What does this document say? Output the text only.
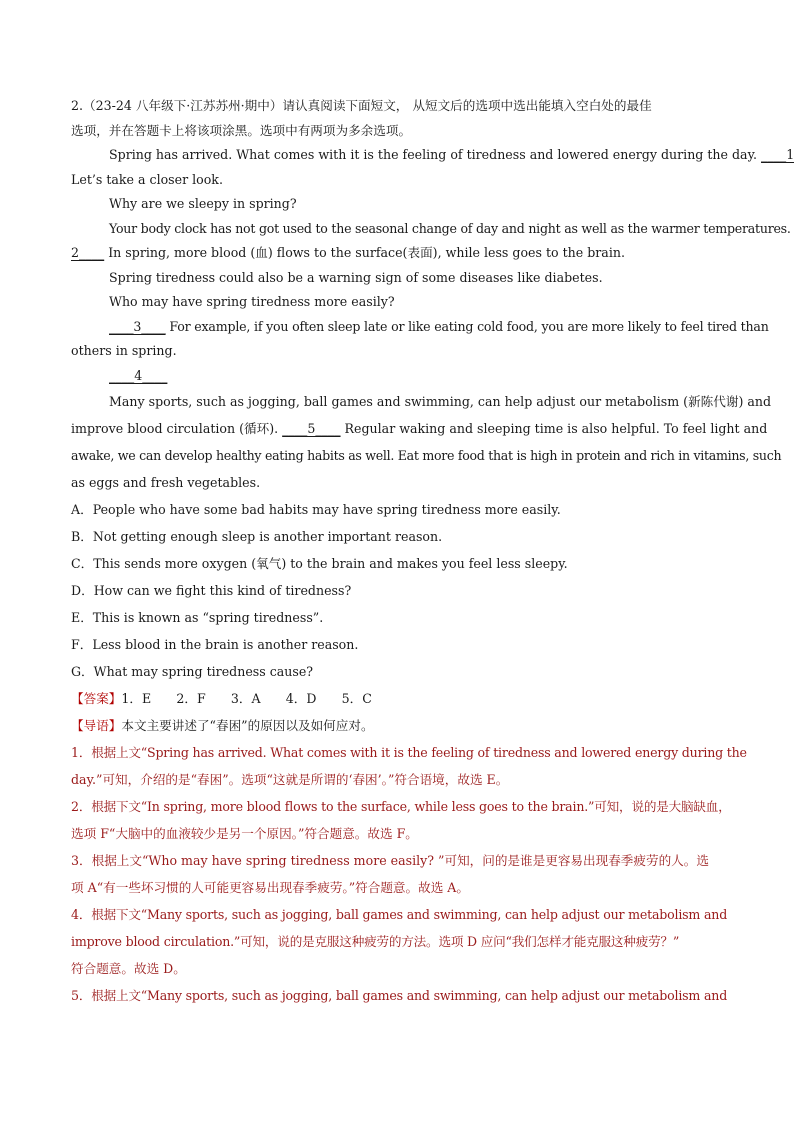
2.（23-24 八年级下·江苏苏州·期中）请认真阅读下面短文， 从短文后的选项中选出能填入空白处的最佳
选项，并在答题卡上将该项涂黑。选项中有两项为多余选项。
Spring has arrived. What comes with it is the feeling of tiredness and lowered energy during the day. ____1
Let’s take a closer look.
Why are we sleepy in spring?
Your body clock has not got used to the seasonal change of day and night as well as the warmer temperatures.
2____ In spring, more blood (血) flows to the surface(表面), while less goes to the brain.
Spring tiredness could also be a warning sign of some diseases like diabetes.
Who may have spring tiredness more easily?
____3____ For example, if you often sleep late or like eating cold food, you are more likely to feel tired than
others in spring.
____4____
Many sports, such as jogging, ball games and swimming, can help adjust our metabolism (新陈代谢) and
improve blood circulation (循环). ____5____ Regular waking and sleeping time is also helpful. To feel light and
awake, we can develop healthy eating habits as well. Eat more food that is high in protein and rich in vitamins, such
as eggs and fresh vegetables.
A．People who have some bad habits may have spring tiredness more easily.
B．Not getting enough sleep is another important reason.
C．This sends more oxygen (氧气) to the brain and makes you feel less sleepy.
D．How can we fight this kind of tiredness?
E．This is known as “spring tiredness”.
F．Less blood in the brain is another reason.
G．What may spring tiredness cause?
【答案】1．E　　2．F　　3．A　　4．D　　5．C
【导语】本文主要讲述了“春困”的原因以及如何应对。
1．根据上文“Spring has arrived. What comes with it is the feeling of tiredness and lowered energy during the
day.”可知，介绍的是“春困”。选项“这就是所谓的‘春困’。”符合语境，故选 E。
2．根据下文“In spring, more blood flows to the surface, while less goes to the brain.”可知，说的是大脑缺血，
选项 F“大脑中的血液较少是另一个原因。”符合题意。故选 F。
3．根据上文“Who may have spring tiredness more easily? ”可知，问的是谁是更容易出现春季疲劳的人。选
项 A“有一些坏习惯的人可能更容易出现春季疲劳。”符合题意。故选 A。
4．根据下文“Many sports, such as jogging, ball games and swimming, can help adjust our metabolism and
improve blood circulation.”可知，说的是克服这种疲劳的方法。选项 D 应问“我们怎样才能克服这种疲劳？”
符合题意。故选 D。
5．根据上文“Many sports, such as jogging, ball games and swimming, can help adjust our metabolism and
